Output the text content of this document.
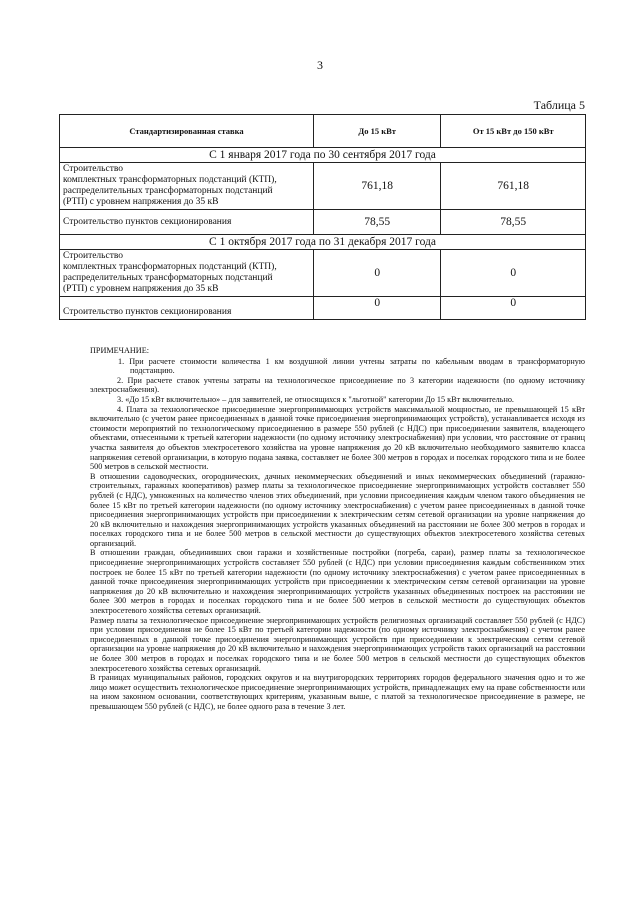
3
Таблица 5
Стандартизированная ставка	До 15 кВт	От 15 кВт до 150 кВт
С 1 января 2017 года по 30 сентября 2017 года		
Строительство
комплектных трансформаторных подстанций (КТП),
распределительных трансформаторных подстанций
(РТП) с уровнем напряжения до 35 кВ	761,18	761,18
Строительство пунктов секционирования	78,55	78,55
С 1 октября 2017 года по 31 декабря 2017 года		
Строительство
комплектных трансформаторных подстанций (КТП),
распределительных трансформаторных подстанций
(РТП) с уровнем напряжения до 35 кВ	0	0
Строительство пунктов секционирования	0	0

ПРИМЕЧАНИЕ:

1. При расчете стоимости количества 1 км воздушной линии учтены затраты по кабельным вводам в трансформаторную подстанцию.

2. При расчете ставок учтены затраты на технологическое присоединение по 3 категории надежности (по одному источнику электроснабжения).

3. «До 15 кВт включительно» – для заявителей, не относящихся к "льготной" категории До 15 кВт включительно.

4. Плата за технологическое присоединение энергопринимающих устройств максимальной мощностью, не превышающей 15 кВт включительно (с учетом ранее присоединенных в данной точке присоединения энергопринимающих устройств), устанавливается исходя из стоимости мероприятий по технологическому присоединению в размере 550 рублей (с НДС) при присоединении заявителя, владеющего объектами, отнесенными к третьей категории надежности (по одному источнику электроснабжения) при условии, что расстояние от границ участка заявителя до объектов электросетевого хозяйства на уровне напряжения до 20 кВ включительно необходимого заявителю класса напряжения сетевой организации, в которую подана заявка, составляет не более 300 метров в городах и поселках городского типа и не более 500 метров в сельской местности.

В отношении садоводческих, огороднических, дачных некоммерческих объединений и иных некоммерческих объединений (гаражно-строительных, гаражных кооперативов) размер платы за технологическое присоединение энергопринимающих устройств составляет 550 рублей (с НДС), умноженных на количество членов этих объединений, при условии присоединения каждым членом такого объединения не более 15 кВт по третьей категории надежности (по одному источнику электроснабжения) с учетом ранее присоединенных в данной точке присоединения энергопринимающих устройств при присоединении к электрическим сетям сетевой организации на уровне напряжения до 20 кВ включительно и нахождения энергопринимающих устройств указанных объединений на расстоянии не более 300 метров в городах и поселках городского типа и не более 500 метров в сельской местности до существующих объектов электросетевого хозяйства сетевых организаций.

В отношении граждан, объединивших свои гаражи и хозяйственные постройки (погреба, сараи), размер платы за технологическое присоединение энергопринимающих устройств составляет 550 рублей (с НДС) при условии присоединения каждым собственником этих построек не более 15 кВт по третьей категории надежности (по одному источнику электроснабжения) с учетом ранее присоединенных в данной точке присоединения энергопринимающих устройств при присоединении к электрическим сетям сетевой организации на уровне напряжения до 20 кВ включительно и нахождения энергопринимающих устройств указанных объединенных построек на расстоянии не более 300 метров в городах и поселках городского типа и не более 500 метров в сельской местности до существующих объектов электросетевого хозяйства сетевых организаций.

Размер платы за технологическое присоединение энергопринимающих устройств религиозных организаций составляет 550 рублей (с НДС) при условии присоединения не более 15 кВт по третьей категории надежности (по одному источнику электроснабжения) с учетом ранее присоединенных в данной точке присоединения энергопринимающих устройств при присоединении к электрическим сетям сетевой организации на уровне напряжения до 20 кВ включительно и нахождения энергопринимающих устройств таких организаций на расстоянии не более 300 метров в городах и поселках городского типа и не более 500 метров в сельской местности до существующих объектов электросетевого хозяйства сетевых организаций.

В границах муниципальных районов, городских округов и на внутригородских территориях городов федерального значения одно и то же лицо может осуществить технологическое присоединение энергопринимающих устройств, принадлежащих ему на праве собственности или на ином законном основании, соответствующих критериям, указанным выше, с платой за технологическое присоединение в размере, не превышающем 550 рублей (с НДС), не более одного раза в течение 3 лет.
